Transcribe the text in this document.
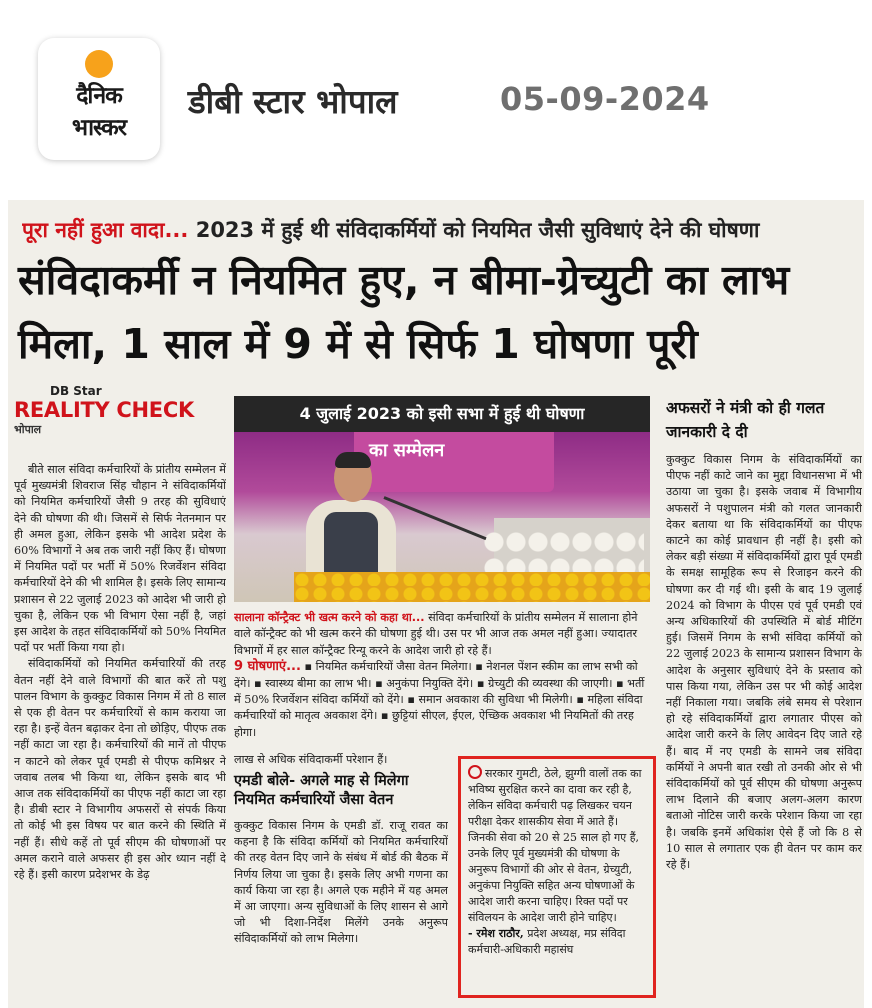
दैनिक
भास्कर
डीबी स्टार भोपाल	05-09-2024
पूरा नहीं हुआ वादा... 2023 में हुई थी संविदाकर्मियों को नियमित जैसी सुविधाएं देने की घोषणा
संविदाकर्मी न नियमित हुए, न बीमा-ग्रेच्युटी का लाभ मिला, 1 साल में 9 में से सिर्फ 1 घोषणा पूरी
DB Star
REALITY CHECK
भोपाल

बीते साल संविदा कर्मचारियों के प्रांतीय सम्मेलन में पूर्व मुख्यमंत्री शिवराज सिंह चौहान ने संविदाकर्मियों को नियमित कर्मचारियों जैसी 9 तरह की सुविधाएं देने की घोषणा की थी। जिसमें से सिर्फ नेतनमान पर ही अमल हुआ, लेकिन इसके भी आदेश प्रदेश के 60% विभागों ने अब तक जारी नहीं किए हैं। घोषणा में नियमित पदों पर भर्ती में 50% रिजर्वेशन संविदा कर्मचारियों देने की भी शामिल है। इसके लिए सामान्य प्रशासन से 22 जुलाई 2023 को आदेश भी जारी हो चुका है, लेकिन एक भी विभाग ऐसा नहीं है, जहां इस आदेश के तहत संविदाकर्मियों को 50% नियमित पदों पर भर्ती किया गया हो।

संविदाकर्मियों को नियमित कर्मचारियों की तरह वेतन नहीं देने वाले विभागों की बात करें तो पशु पालन विभाग के कुक्कुट विकास निगम में तो 8 साल से एक ही वेतन पर कर्मचारियों से काम कराया जा रहा है। इन्हें वेतन बढ़ाकर देना तो छोड़िए, पीएफ तक नहीं काटा जा रहा है। कर्मचारियों की मानें तो पीएफ न काटने को लेकर पूर्व एमडी से पीएफ कमिश्नर ने जवाब तलब भी किया था, लेकिन इसके बाद भी आज तक संविदाकर्मियों का पीएफ नहीं काटा जा रहा है। डीबी स्टार ने विभागीय अफसरों से संपर्क किया तो कोई भी इस विषय पर बात करने की स्थिति में नहीं हैं। सीधे कहें तो पूर्व सीएम की घोषणाओं पर अमल कराने वाले अफसर ही इस ओर ध्यान नहीं दे रहे हैं। इसी कारण प्रदेशभर के डेढ़

4 जुलाई 2023 को इसी सभा में हुई थी घोषणा
का सम्मेलन
सालाना कॉन्ट्रैक्ट भी खत्म करने को कहा था... संविदा कर्मचारियों के प्रांतीय सम्मेलन में सालाना होने वाले कॉन्ट्रैक्ट को भी खत्म करने की घोषणा हुई थी। उस पर भी आज तक अमल नहीं हुआ। ज्यादातर विभागों में हर साल कॉन्ट्रैक्ट रिन्यू करने के आदेश जारी हो रहे हैं।
9 घोषणाएं... ▪ नियमित कर्मचारियों जैसा वेतन मिलेगा। ▪ नेशनल पेंशन स्कीम का लाभ सभी को देंगे। ▪ स्वास्थ्य बीमा का लाभ भी। ▪ अनुकंपा नियुक्ति देंगे। ▪ ग्रेच्युटी की व्यवस्था की जाएगी। ▪ भर्ती में 50% रिजर्वेशन संविदा कर्मियों को देंगे। ▪ समान अवकाश की सुविधा भी मिलेगी। ▪ महिला संविदा कर्मचारियों को मातृत्व अवकाश देंगे। ▪ छुट्टियां सीएल, ईएल, ऐच्छिक अवकाश भी नियमितों की तरह होगा।
लाख से अधिक संविदाकर्मी परेशान हैं।
एमडी बोले- अगले माह से मिलेगा नियमित कर्मचारियों जैसा वेतन
कुक्कुट विकास निगम के एमडी डॉ. राजू रावत का कहना है कि संविदा कर्मियों को नियमित कर्मचारियों की तरह वेतन दिए जाने के संबंध में बोर्ड की बैठक में निर्णय लिया जा चुका है। इसके लिए अभी गणना का कार्य किया जा रहा है। अगले एक महीने में यह अमल में आ जाएगा। अन्य सुविधाओं के लिए शासन से आगे जो भी दिशा-निर्देश मिलेंगे उनके अनुरूप संविदाकर्मियों को लाभ मिलेगा।
सरकार गुमटी, ठेले, झुग्गी वालों तक का भविष्य सुरक्षित करने का दावा कर रही है, लेकिन संविदा कर्मचारी पढ़ लिखकर चयन परीक्षा देकर शासकीय सेवा में आते हैं। जिनकी सेवा को 20 से 25 साल हो गए हैं, उनके लिए पूर्व मुख्यमंत्री की घोषणा के अनुरूप विभागों की ओर से वेतन, ग्रेच्युटी, अनुकंपा नियुक्ति सहित अन्य घोषणाओं के आदेश जारी करना चाहिए। रिक्त पदों पर संविलयन के आदेश जारी होने चाहिए।
- रमेश राठौर, प्रदेश अध्यक्ष, मप्र संविदा कर्मचारी-अधिकारी महासंघ
अफसरों ने मंत्री को ही गलत जानकारी दे दी
कुक्कुट विकास निगम के संविदाकर्मियों का पीएफ नहीं काटे जाने का मुद्दा विधानसभा में भी उठाया जा चुका है। इसके जवाब में विभागीय अफसरों ने पशुपालन मंत्री को गलत जानकारी देकर बताया था कि संविदाकर्मियों का पीएफ काटने का कोई प्रावधान ही नहीं है। इसी को लेकर बड़ी संख्या में संविदाकर्मियों द्वारा पूर्व एमडी के समक्ष सामूहिक रूप से रिजाइन करने की घोषणा कर दी गई थी। इसी के बाद 19 जुलाई 2024 को विभाग के पीएस एवं पूर्व एमडी एवं अन्य अधिकारियों की उपस्थिति में बोर्ड मीटिंग हुई। जिसमें निगम के सभी संविदा कर्मियों को 22 जुलाई 2023 के सामान्य प्रशासन विभाग के आदेश के अनुसार सुविधाएं देने के प्रस्ताव को पास किया गया, लेकिन उस पर भी कोई आदेश नहीं निकाला गया। जबकि लंबे समय से परेशान हो रहे संविदाकर्मियों द्वारा लगातार पीएस को आदेश जारी करने के लिए आवेदन दिए जाते रहे हैं। बाद में नए एमडी के सामने जब संविदा कर्मियों ने अपनी बात रखी तो उनकी ओर से भी संविदाकर्मियों को पूर्व सीएम की घोषणा अनुरूप लाभ दिलाने की बजाए अलग-अलग कारण बताओ नोटिस जारी करके परेशान किया जा रहा है। जबकि इनमें अधिकांश ऐसे हैं जो कि 8 से 10 साल से लगातार एक ही वेतन पर काम कर रहे हैं।
